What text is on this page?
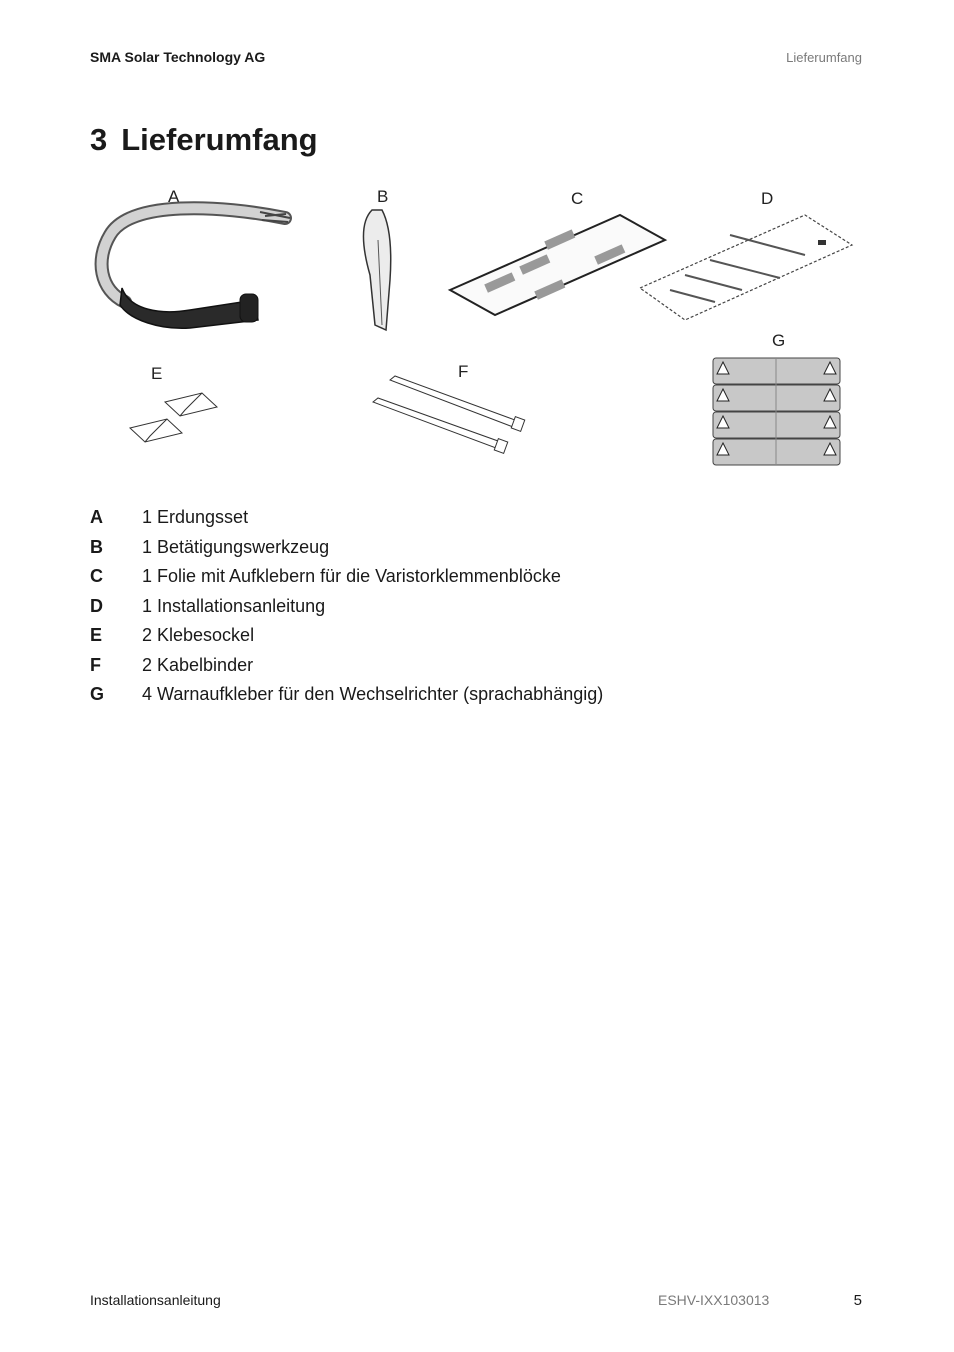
SMA Solar Technology AG	Lieferumfang
3 Lieferumfang
A	B	C	D
E	F
G
A	1 Erdungsset
B	1 Betätigungswerkzeug
C	1 Folie mit Aufklebern für die Varistorklemmenblöcke
D	1 Installationsanleitung
E	2 Klebesockel
F	2 Kabelbinder
G	4 Warnaufkleber für den Wechselrichter (sprachabhängig)
Installationsanleitung	ESHV-IXX103013	5
